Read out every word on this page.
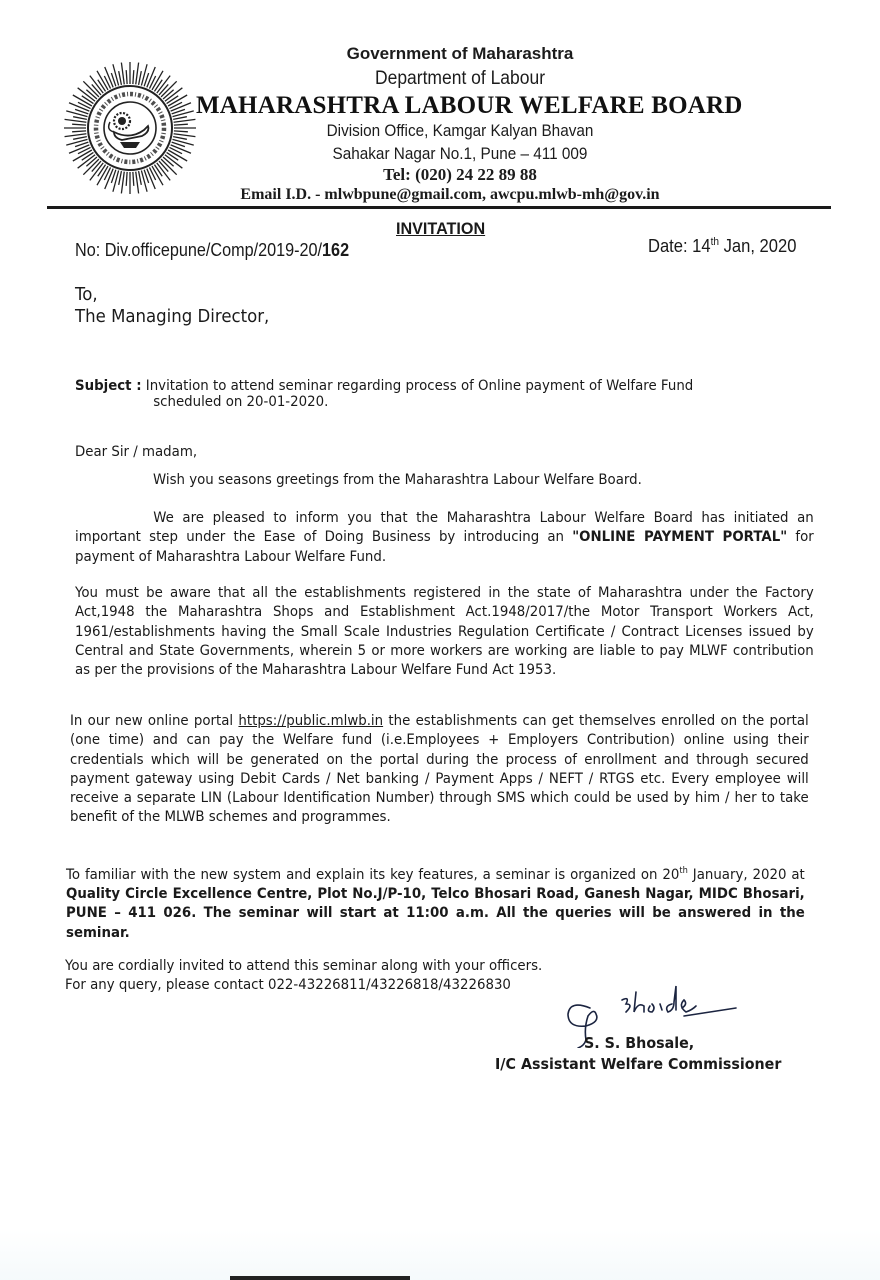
Government of Maharashtra
Department of Labour
MAHARASHTRA LABOUR WELFARE BOARD
Division Office, Kamgar Kalyan Bhavan
Sahakar Nagar No.1, Pune – 411 009
Tel: (020) 24 22 89 88
Email I.D. - mlwbpune@gmail.com, awcpu.mlwb-mh@gov.in
INVITATION
No: Div.officepune/Comp/2019-20/162	Date: 14th Jan, 2020
To,
The Managing Director,
Subject : Invitation to attend seminar regarding process of Online payment of Welfare Fund
scheduled on 20-01-2020.
Dear Sir / madam,
Wish you seasons greetings from the Maharashtra Labour Welfare Board.
We are pleased to inform you that the Maharashtra Labour Welfare Board has initiated an important step under the Ease of Doing Business by introducing an "ONLINE PAYMENT PORTAL" for payment of Maharashtra Labour Welfare Fund.
You must be aware that all the establishments registered in the state of Maharashtra under the Factory Act,1948 the Maharashtra Shops and Establishment Act.1948/2017/the Motor Transport Workers Act, 1961/establishments having the Small Scale Industries Regulation Certificate / Contract Licenses issued by Central and State Governments, wherein 5 or more workers are working are liable to pay MLWF contribution as per the provisions of the Maharashtra Labour Welfare Fund Act 1953.
In our new online portal https://public.mlwb.in the establishments can get themselves enrolled on the portal (one time) and can pay the Welfare fund (i.e.Employees + Employers Contribution) online using their credentials which will be generated on the portal during the process of enrollment and through secured payment gateway using Debit Cards / Net banking / Payment Apps / NEFT / RTGS etc. Every employee will receive a separate LIN (Labour Identification Number) through SMS which could be used by him / her to take benefit of the MLWB schemes and programmes.
To familiar with the new system and explain its key features, a seminar is organized on 20th January, 2020 at Quality Circle Excellence Centre, Plot No.J/P-10, Telco Bhosari Road, Ganesh Nagar, MIDC Bhosari, PUNE – 411 026. The seminar will start at 11:00 a.m. All the queries will be answered in the seminar.
You are cordially invited to attend this seminar along with your officers.
For any query, please contact 022-43226811/43226818/43226830
S. S. Bhosale,
I/C Assistant Welfare Commissioner
